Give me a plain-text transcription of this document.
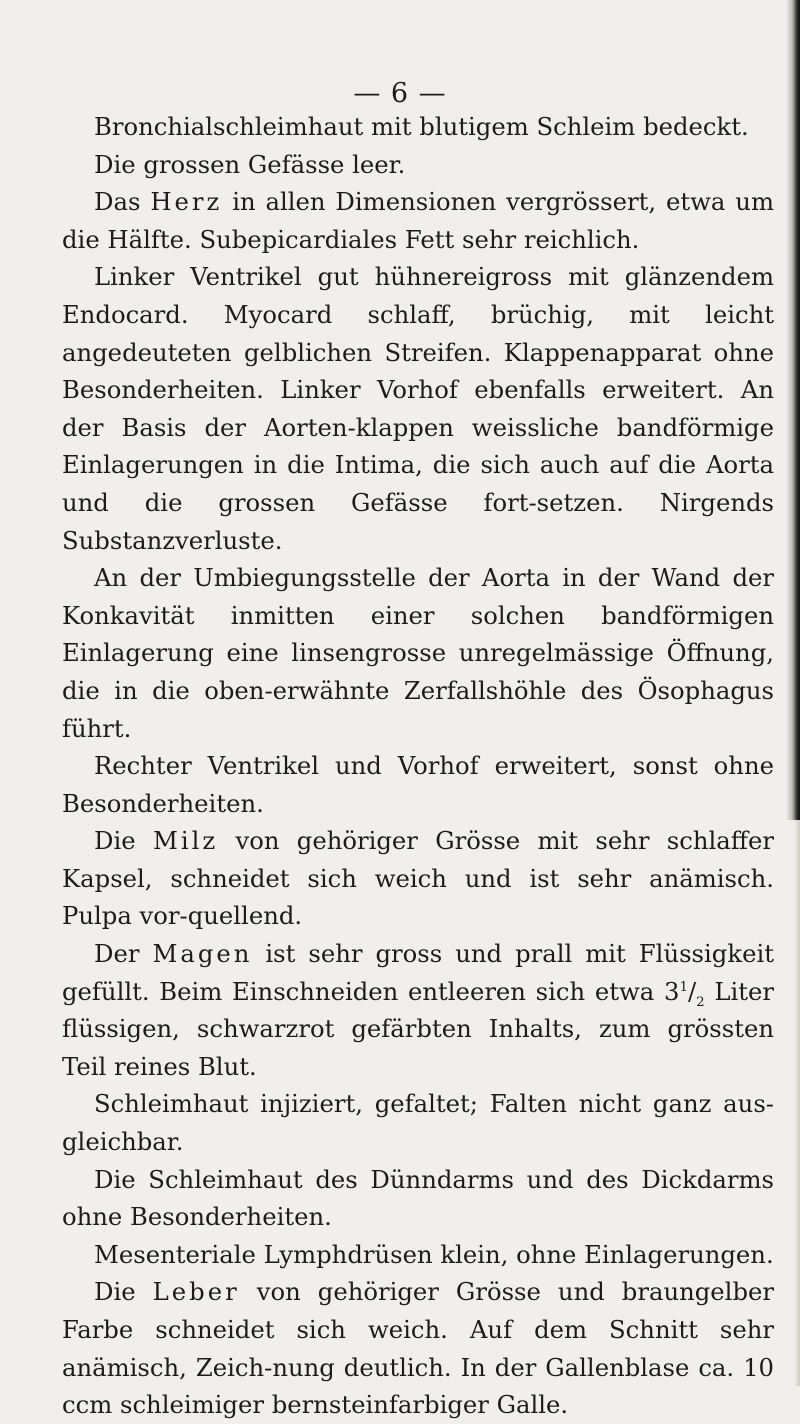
— 6 —

Bronchialschleimhaut mit blutigem Schleim bedeckt.

Die grossen Gefässe leer.

Das Herz in allen Dimensionen vergrössert, etwa um die Hälfte. Subepicardiales Fett sehr reichlich.

Linker Ventrikel gut hühnereigross mit glänzendem Endocard. Myocard schlaff, brüchig, mit leicht angedeuteten gelblichen Streifen. Klappenapparat ohne Besonderheiten. Linker Vorhof ebenfalls erweitert. An der Basis der Aorten-klappen weissliche bandförmige Einlagerungen in die Intima, die sich auch auf die Aorta und die grossen Gefässe fort-setzen. Nirgends Substanzverluste.

An der Umbiegungsstelle der Aorta in der Wand der Konkavität inmitten einer solchen bandförmigen Einlagerung eine linsengrosse unregelmässige Öffnung, die in die oben-erwähnte Zerfallshöhle des Ösophagus führt.

Rechter Ventrikel und Vorhof erweitert, sonst ohne Besonderheiten.

Die Milz von gehöriger Grösse mit sehr schlaffer Kapsel, schneidet sich weich und ist sehr anämisch. Pulpa vor-quellend.

Der Magen ist sehr gross und prall mit Flüssigkeit gefüllt. Beim Einschneiden entleeren sich etwa $3^1/_2$ Liter flüssigen, schwarzrot gefärbten Inhalts, zum grössten Teil reines Blut.

Schleimhaut injiziert, gefaltet; Falten nicht ganz aus-gleichbar.

Die Schleimhaut des Dünndarms und des Dickdarms ohne Besonderheiten.

Mesenteriale Lymphdrüsen klein, ohne Einlagerungen.

Die Leber von gehöriger Grösse und braungelber Farbe schneidet sich weich. Auf dem Schnitt sehr anämisch, Zeich-nung deutlich. In der Gallenblase ca. 10 ccm schleimiger bernsteinfarbiger Galle.
